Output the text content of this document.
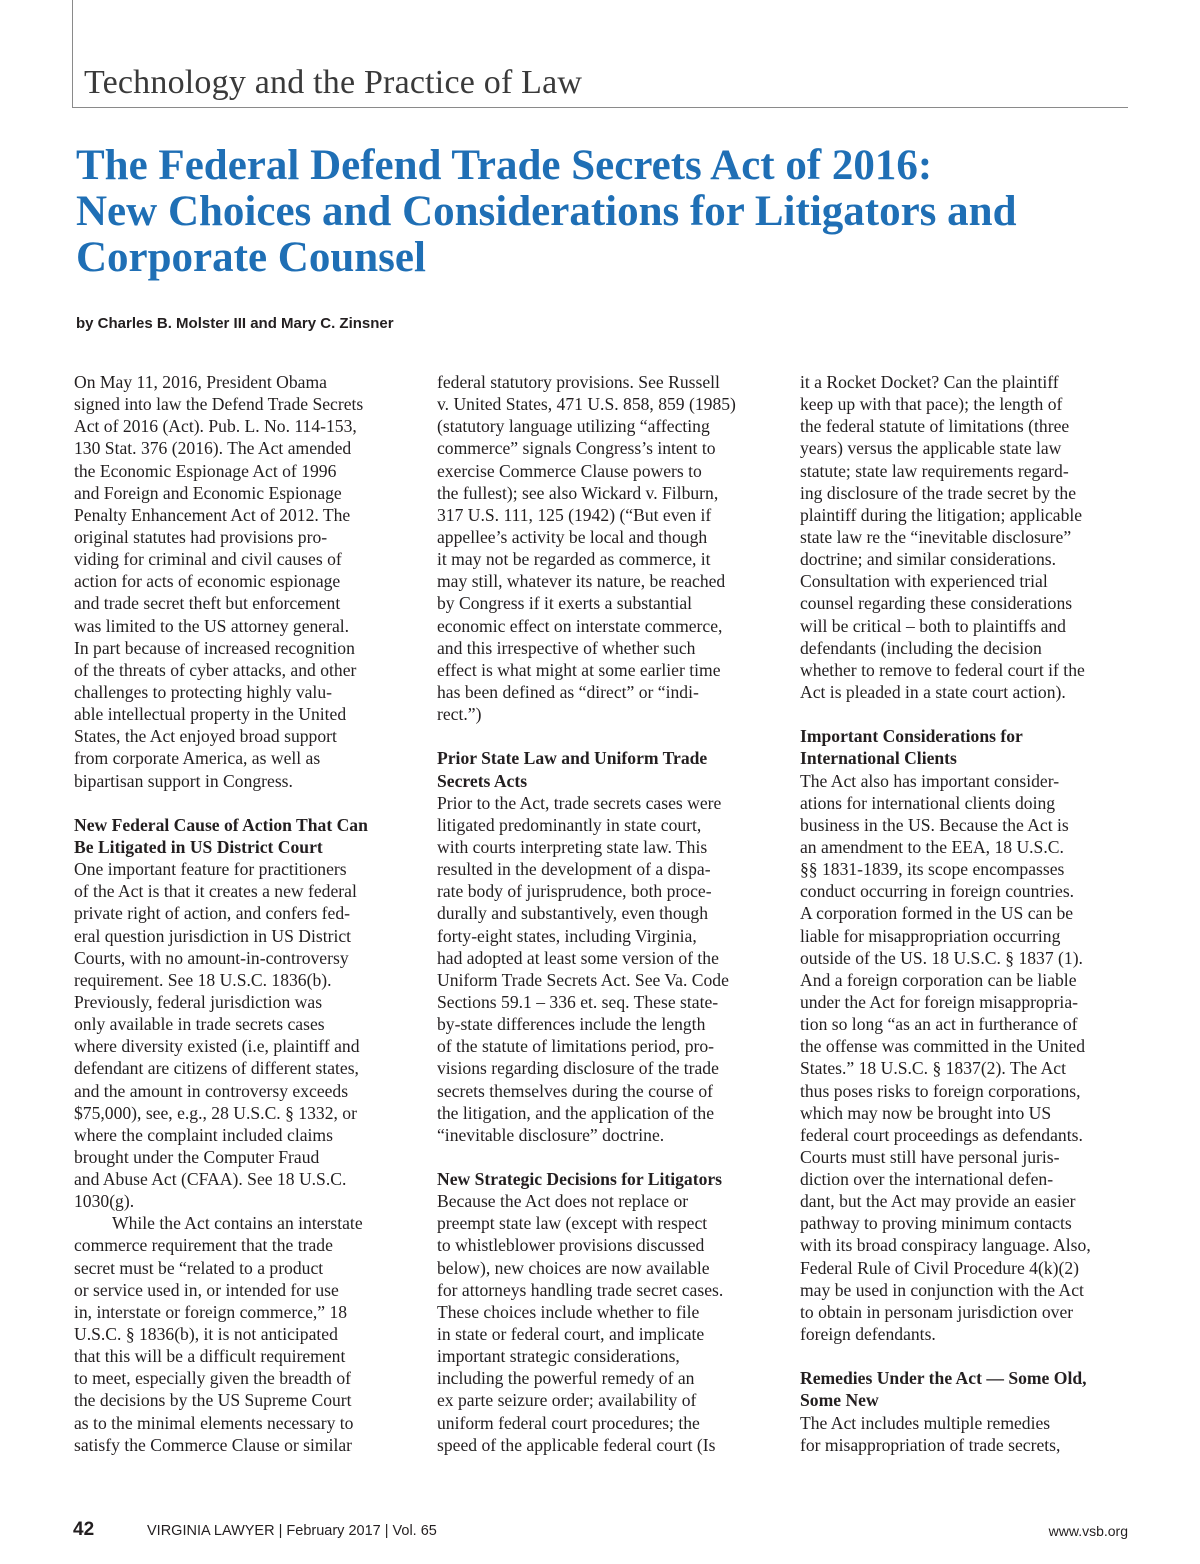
Technology and the Practice of Law
The Federal Defend Trade Secrets Act of 2016:
New Choices and Considerations for Litigators and
Corporate Counsel
by Charles B. Molster III and Mary C. Zinsner
On May 11, 2016, President Obama
signed into law the Defend Trade Secrets
Act of 2016 (Act). Pub. L. No. 114-153,
130 Stat. 376 (2016). The Act amended
the Economic Espionage Act of 1996
and Foreign and Economic Espionage
Penalty Enhancement Act of 2012. The
original statutes had provisions pro-
viding for criminal and civil causes of
action for acts of economic espionage
and trade secret theft but enforcement
was limited to the US attorney general.
In part because of increased recognition
of the threats of cyber attacks, and other
challenges to protecting highly valu-
able intellectual property in the United
States, the Act enjoyed broad support
from corporate America, as well as
bipartisan support in Congress.
New Federal Cause of Action That Can
Be Litigated in US District Court
One important feature for practitioners
of the Act is that it creates a new federal
private right of action, and confers fed-
eral question jurisdiction in US District
Courts, with no amount-in-controversy
requirement. See 18 U.S.C. 1836(b).
Previously, federal jurisdiction was
only available in trade secrets cases
where diversity existed (i.e, plaintiff and
defendant are citizens of different states,
and the amount in controversy exceeds
$75,000), see, e.g., 28 U.S.C. § 1332, or
where the complaint included claims
brought under the Computer Fraud
and Abuse Act (CFAA). See 18 U.S.C.
1030(g).
While the Act contains an interstate
commerce requirement that the trade
secret must be “related to a product
or service used in, or intended for use
in, interstate or foreign commerce,” 18
U.S.C. § 1836(b), it is not anticipated
that this will be a difficult requirement
to meet, especially given the breadth of
the decisions by the US Supreme Court
as to the minimal elements necessary to
satisfy the Commerce Clause or similar
federal statutory provisions. See Russell
v. United States, 471 U.S. 858, 859 (1985)
(statutory language utilizing “affecting
commerce” signals Congress’s intent to
exercise Commerce Clause powers to
the fullest); see also Wickard v. Filburn,
317 U.S. 111, 125 (1942) (“But even if
appellee’s activity be local and though
it may not be regarded as commerce, it
may still, whatever its nature, be reached
by Congress if it exerts a substantial
economic effect on interstate commerce,
and this irrespective of whether such
effect is what might at some earlier time
has been defined as “direct” or “indi-
rect.”)
Prior State Law and Uniform Trade
Secrets Acts
Prior to the Act, trade secrets cases were
litigated predominantly in state court,
with courts interpreting state law. This
resulted in the development of a dispa-
rate body of jurisprudence, both proce-
durally and substantively, even though
forty-eight states, including Virginia,
had adopted at least some version of the
Uniform Trade Secrets Act. See Va. Code
Sections 59.1 – 336 et. seq. These state-
by-state differences include the length
of the statute of limitations period, pro-
visions regarding disclosure of the trade
secrets themselves during the course of
the litigation, and the application of the
“inevitable disclosure” doctrine.
New Strategic Decisions for Litigators
Because the Act does not replace or
preempt state law (except with respect
to whistleblower provisions discussed
below), new choices are now available
for attorneys handling trade secret cases.
These choices include whether to file
in state or federal court, and implicate
important strategic considerations,
including the powerful remedy of an
ex parte seizure order; availability of
uniform federal court procedures; the
speed of the applicable federal court (Is
it a Rocket Docket? Can the plaintiff
keep up with that pace); the length of
the federal statute of limitations (three
years) versus the applicable state law
statute; state law requirements regard-
ing disclosure of the trade secret by the
plaintiff during the litigation; applicable
state law re the “inevitable disclosure”
doctrine; and similar considerations.
Consultation with experienced trial
counsel regarding these considerations
will be critical – both to plaintiffs and
defendants (including the decision
whether to remove to federal court if the
Act is pleaded in a state court action).
Important Considerations for
International Clients
The Act also has important consider-
ations for international clients doing
business in the US. Because the Act is
an amendment to the EEA, 18 U.S.C.
§§ 1831-1839, its scope encompasses
conduct occurring in foreign countries.
A corporation formed in the US can be
liable for misappropriation occurring
outside of the US. 18 U.S.C. § 1837 (1).
And a foreign corporation can be liable
under the Act for foreign misappropria-
tion so long “as an act in furtherance of
the offense was committed in the United
States.” 18 U.S.C. § 1837(2). The Act
thus poses risks to foreign corporations,
which may now be brought into US
federal court proceedings as defendants.
Courts must still have personal juris-
diction over the international defen-
dant, but the Act may provide an easier
pathway to proving minimum contacts
with its broad conspiracy language. Also,
Federal Rule of Civil Procedure 4(k)(2)
may be used in conjunction with the Act
to obtain in personam jurisdiction over
foreign defendants.
Remedies Under the Act — Some Old,
Some New
The Act includes multiple remedies
for misappropriation of trade secrets,
42	VIRGINIA LAWYER | February 2017 | Vol. 65	www.vsb.org
